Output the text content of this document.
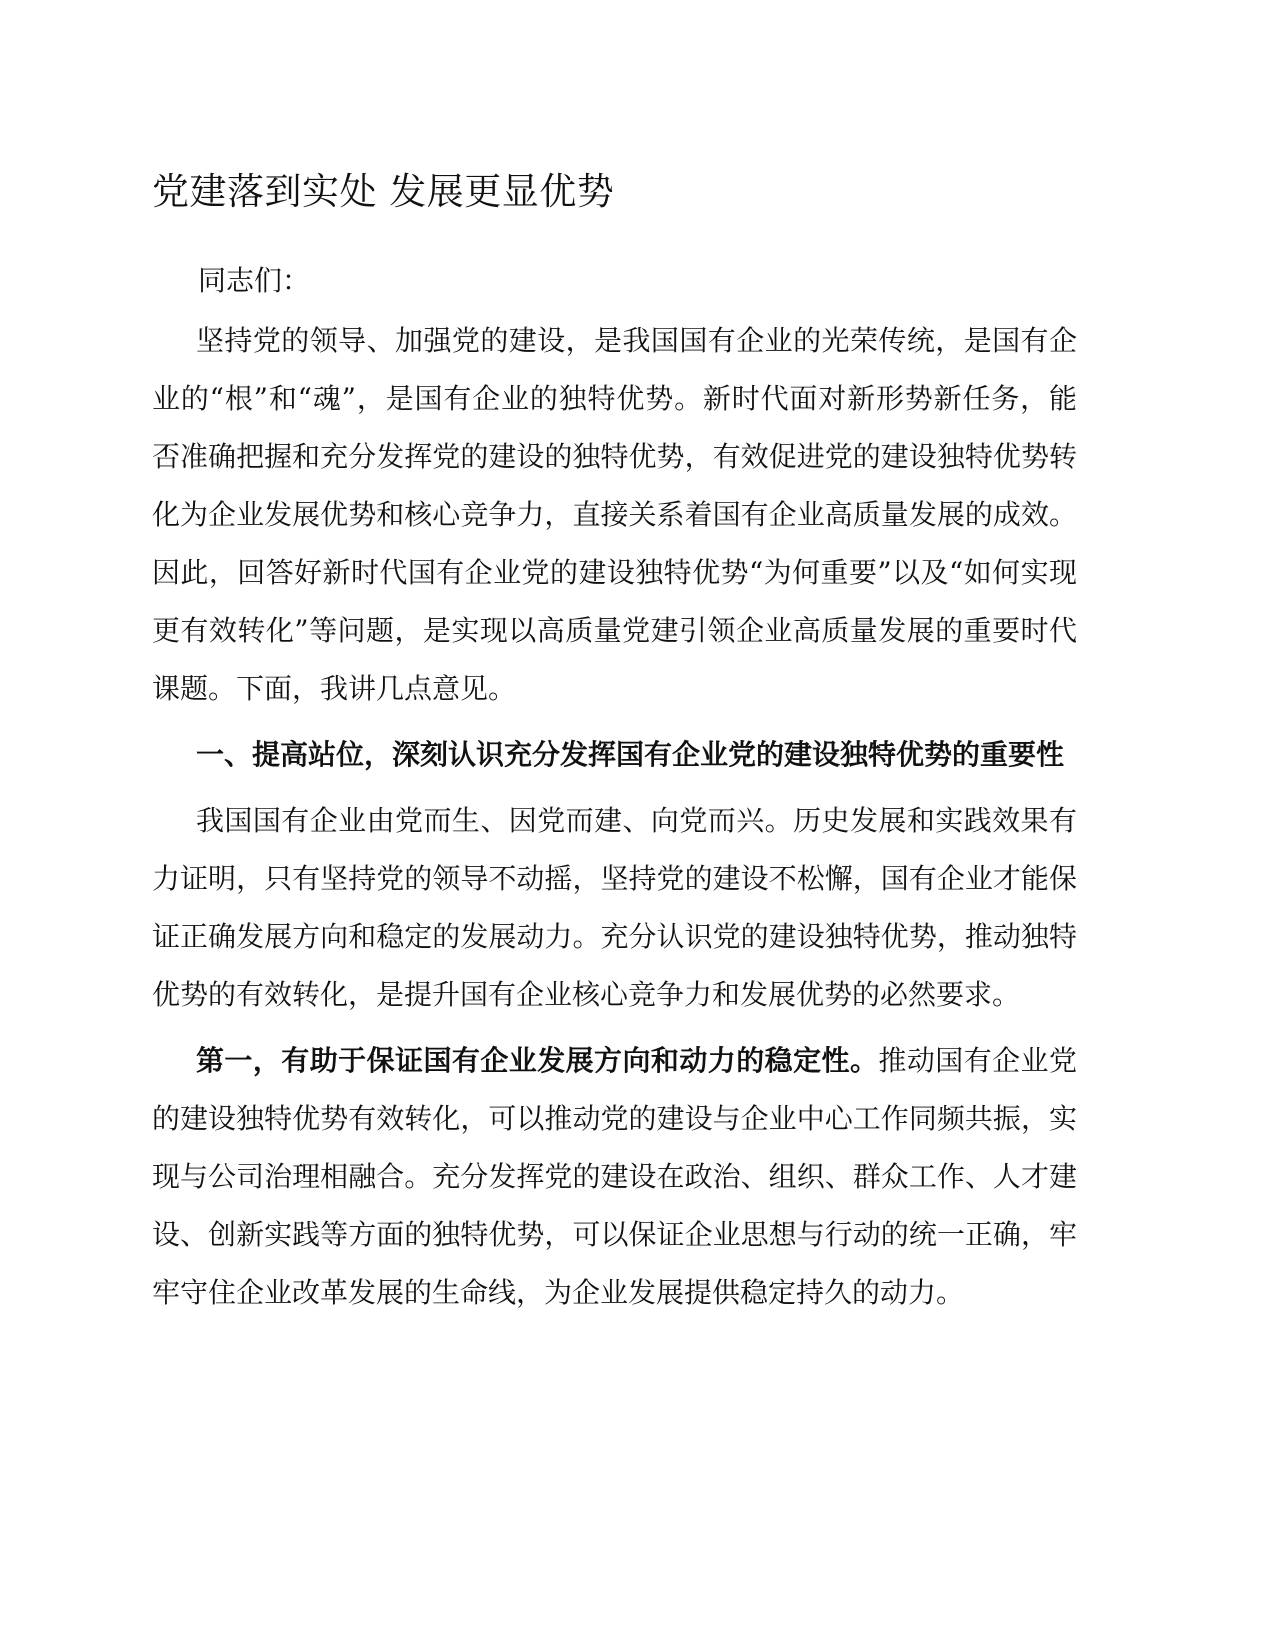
党建落到实处 发展更显优势

同志们：

坚持党的领导、加强党的建设，是我国国有企业的光荣传统，是国有企业的“根”和“魂”，是国有企业的独特优势。新时代面对新形势新任务，能否准确把握和充分发挥党的建设的独特优势，有效促进党的建设独特优势转化为企业发展优势和核心竞争力，直接关系着国有企业高质量发展的成效。因此，回答好新时代国有企业党的建设独特优势“为何重要”以及“如何实现更有效转化”等问题，是实现以高质量党建引领企业高质量发展的重要时代课题。下面，我讲几点意见。

一、提高站位，深刻认识充分发挥国有企业党的建设独特优势的重要性

我国国有企业由党而生、因党而建、向党而兴。历史发展和实践效果有力证明，只有坚持党的领导不动摇，坚持党的建设不松懈，国有企业才能保证正确发展方向和稳定的发展动力。充分认识党的建设独特优势，推动独特优势的有效转化，是提升国有企业核心竞争力和发展优势的必然要求。

第一，有助于保证国有企业发展方向和动力的稳定性。推动国有企业党的建设独特优势有效转化，可以推动党的建设与企业中心工作同频共振，实现与公司治理相融合。充分发挥党的建设在政治、组织、群众工作、人才建设、创新实践等方面的独特优势，可以保证企业思想与行动的统一正确，牢牢守住企业改革发展的生命线，为企业发展提供稳定持久的动力。
